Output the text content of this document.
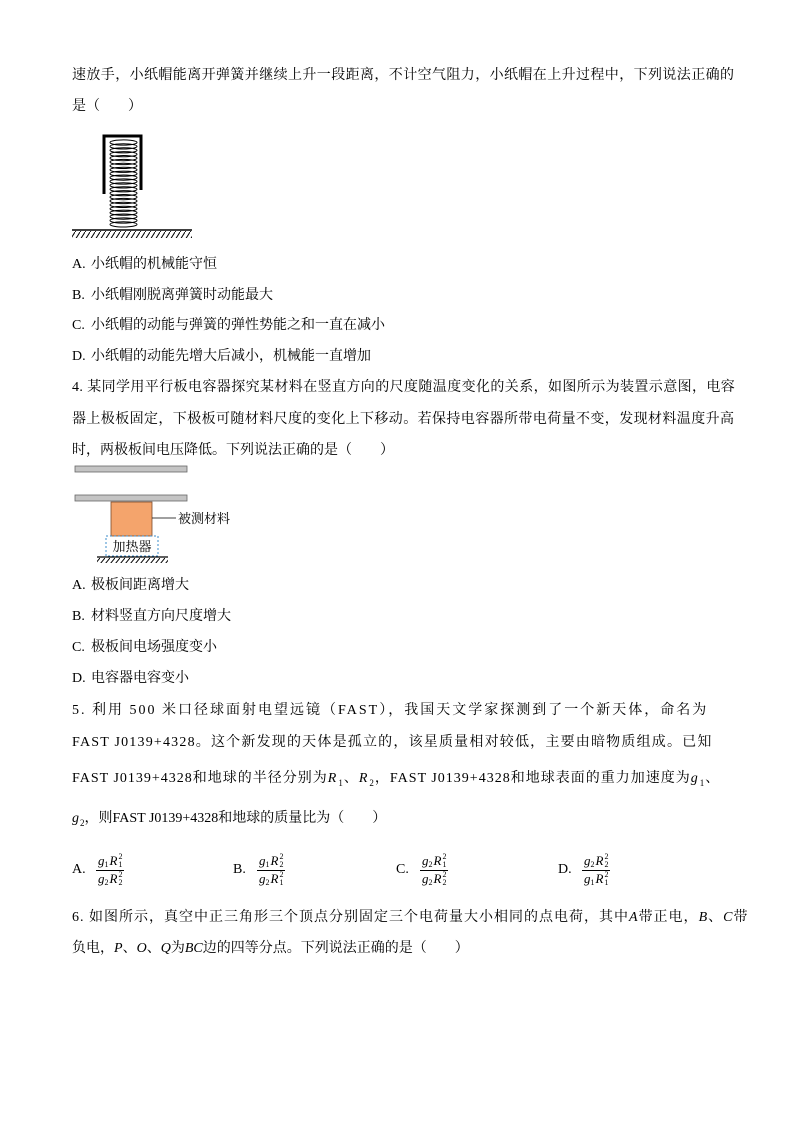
速放手，小纸帽能离开弹簧并继续上升一段距离，不计空气阻力，小纸帽在上升过程中，下列说法正确的
是（　　）
A. 小纸帽的机械能守恒
B. 小纸帽刚脱离弹簧时动能最大
C. 小纸帽的动能与弹簧的弹性势能之和一直在减小
D. 小纸帽的动能先增大后减小，机械能一直增加
4. 某同学用平行板电容器探究某材料在竖直方向的尺度随温度变化的关系，如图所示为装置示意图，电容
器上极板固定，下极板可随材料尺度的变化上下移动。若保持电容器所带电荷量不变，发现材料温度升高
时，两极板间电压降低。下列说法正确的是（　　）
被测材料
加热器
A. 极板间距离增大
B. 材料竖直方向尺度增大
C. 极板间电场强度变小
D. 电容器电容变小
5. 利用 500 米口径球面射电望远镜（FAST），我国天文学家探测到了一个新天体，命名为
FAST J0139+4328。这个新发现的天体是孤立的，该星质量相对较低，主要由暗物质组成。已知
FAST J0139+4328和地球的半径分别为$R_1$、$R_2$，FAST J0139+4328和地球表面的重力加速度为$g_1$、
$g_2$，则FAST J0139+4328和地球的质量比为（　　）
A. g 1 R 2
1
g 2 R 2
2	B. g 1 R 2
2
g 2 R 2
1	C. g 2 R 2
1
g 2 R 2
2	D. g 2 R 2
2
g 1 R 2
1
6. 如图所示，真空中正三角形三个顶点分别固定三个电荷量大小相同的点电荷，其中A带正电，B、C带
负电，P、O、Q为BC边的四等分点。下列说法正确的是（　　）
